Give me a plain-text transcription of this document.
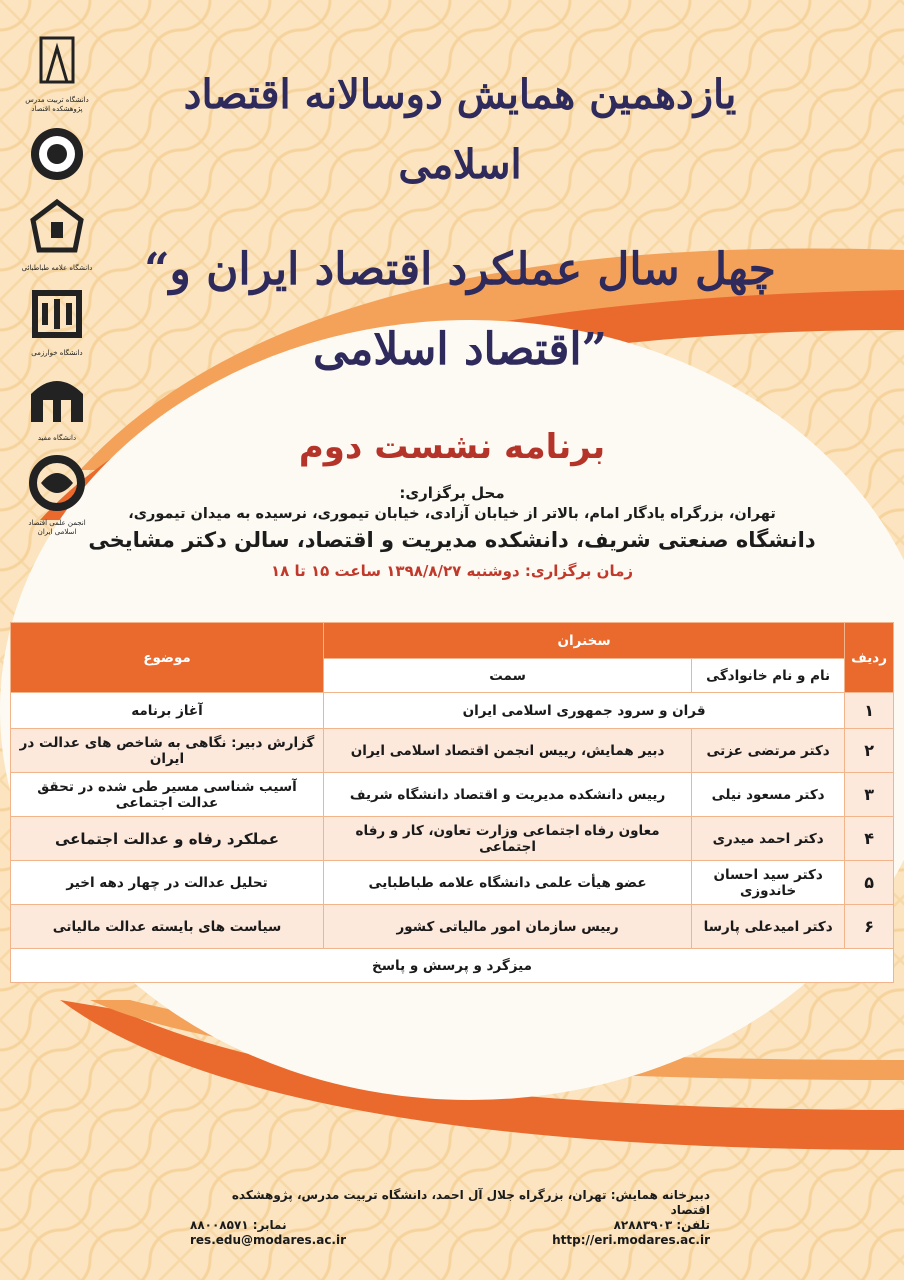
یازدهمین همایش دوسالانه اقتصاد اسلامی
“چهل سال عملکرد اقتصاد ایران و اقتصاد اسلامی”
دانشگاه تربیت مدرس پژوهشکده اقتصاد
دانشگاه علامه طباطبائی
دانشگاه خوارزمی
دانشگاه مفید
انجمن علمی اقتصاد اسلامی ایران
برنامه نشست دوم
محل برگزاری:
تهران، بزرگراه یادگار امام، بالاتر از خیابان آزادی، خیابان تیموری، نرسیده به میدان تیموری،
دانشگاه صنعتی شریف، دانشکده مدیریت و اقتصاد، سالن دکتر مشایخی
زمان برگزاری: دوشنبه ۱۳۹۸/۸/۲۷ ساعت ۱۵ تا ۱۸
ردیف	سخنران		موضوع
	نام و نام خانوادگی	سمت	
۱	قران و سرود جمهوری اسلامی ایران		آغاز برنامه
۲	دکتر مرتضی عزتی	دبیر همایش، رییس انجمن اقتصاد اسلامی ایران	گزارش دبیر: نگاهی به شاخص های عدالت در ایران
۳	دکتر مسعود نیلی	رییس دانشکده مدیریت و اقتصاد دانشگاه شریف	آسیب شناسی مسیر طی شده در تحقق عدالت اجتماعی
۴	دکتر احمد میدری	معاون رفاه اجتماعی وزارت تعاون، کار و رفاه اجتماعی	عملکرد رفاه و عدالت اجتماعی
۵	دکتر سید احسان خاندوزی	عضو هیأت علمی دانشگاه علامه طباطبایی	تحلیل عدالت در چهار دهه اخیر
۶	دکتر امیدعلی پارسا	رییس سازمان امور مالیاتی کشور	سیاست های بایسته عدالت مالیاتی
میزگرد و پرسش و پاسخ			
دبیرخانه همایش: تهران، بزرگراه جلال آل احمد، دانشگاه تربیت مدرس، پژوهشکده اقتصاد
تلفن: ۸۲۸۸۳۹۰۳
نمابر: ۸۸۰۰۸۵۷۱
res.edu@modares.ac.ir	http://eri.modares.ac.ir
